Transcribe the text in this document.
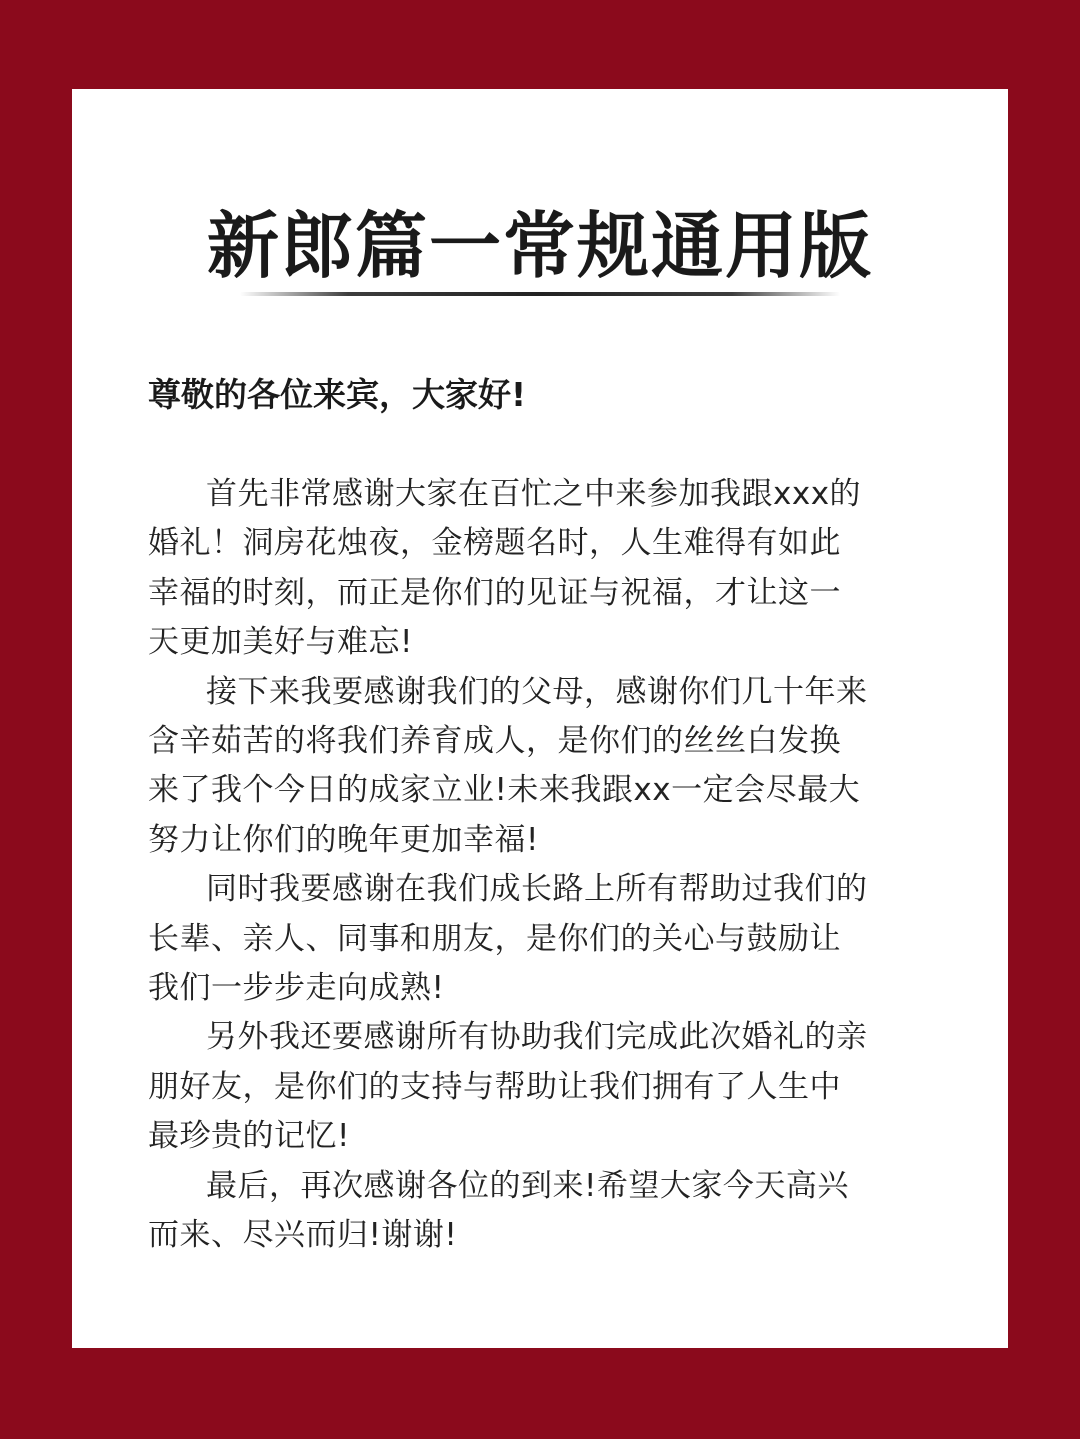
新郎篇一常规通用版

尊敬的各位来宾，大家好!

首先非常感谢大家在百忙之中来参加我跟xxx的
婚礼！洞房花烛夜，金榜题名时，人生难得有如此
幸福的时刻，而正是你们的见证与祝福，才让这一
天更加美好与难忘!

接下来我要感谢我们的父母，感谢你们几十年来
含辛茹苦的将我们养育成人，是你们的丝丝白发换
来了我个今日的成家立业!未来我跟xx一定会尽最大
努力让你们的晚年更加幸福!

同时我要感谢在我们成长路上所有帮助过我们的
长辈、亲人、同事和朋友，是你们的关心与鼓励让
我们一步步走向成熟!

另外我还要感谢所有协助我们完成此次婚礼的亲
朋好友，是你们的支持与帮助让我们拥有了人生中
最珍贵的记忆!

最后，再次感谢各位的到来!希望大家今天高兴
而来、尽兴而归!谢谢!
